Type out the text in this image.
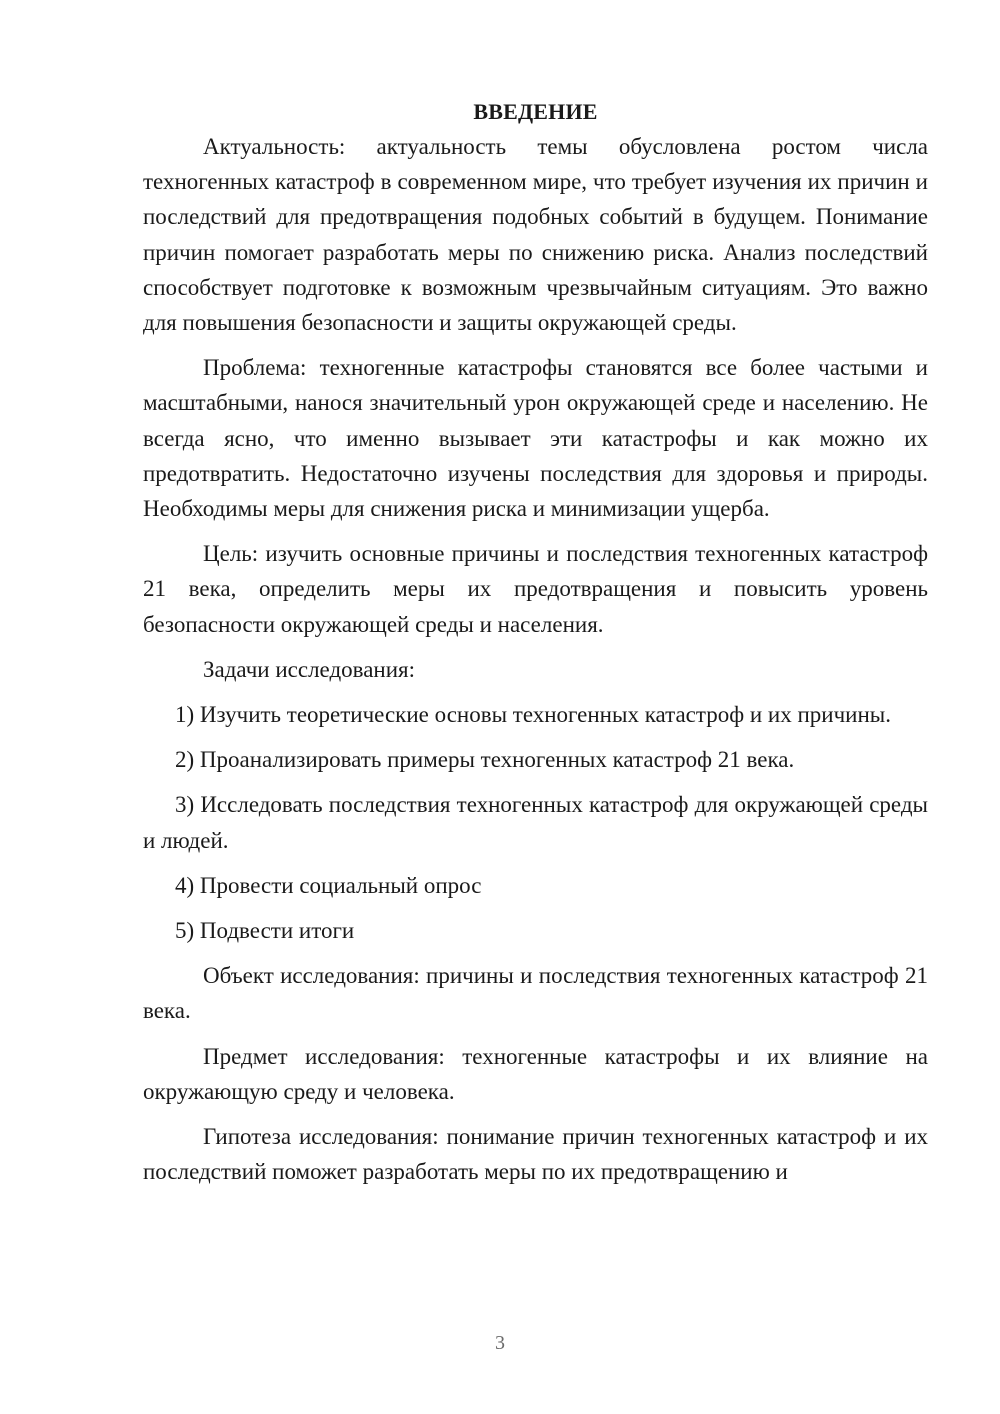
ВВЕДЕНИЕ

Актуальность: актуальность темы обусловлена ростом числа техногенных катастроф в современном мире, что требует изучения их причин и последствий для предотвращения подобных событий в будущем. Понимание причин помогает разработать меры по снижению риска. Анализ последствий способствует подготовке к возможным чрезвычайным ситуациям. Это важно для повышения безопасности и защиты окружающей среды.

Проблема: техногенные катастрофы становятся все более частыми и масштабными, нанося значительный урон окружающей среде и населению. Не всегда ясно, что именно вызывает эти катастрофы и как можно их предотвратить. Недостаточно изучены последствия для здоровья и природы. Необходимы меры для снижения риска и минимизации ущерба.

Цель: изучить основные причины и последствия техногенных катастроф 21 века, определить меры их предотвращения и повысить уровень безопасности окружающей среды и населения.

Задачи исследования:

1) Изучить теоретические основы техногенных катастроф и их причины.

2) Проанализировать примеры техногенных катастроф 21 века.

3) Исследовать последствия техногенных катастроф для окружающей среды и людей.

4) Провести социальный опрос

5) Подвести итоги

Объект исследования: причины и последствия техногенных катастроф 21 века.

Предмет исследования: техногенные катастрофы и их влияние на окружающую среду и человека.

Гипотеза исследования: понимание причин техногенных катастроф и их последствий поможет разработать меры по их предотвращению и

3
